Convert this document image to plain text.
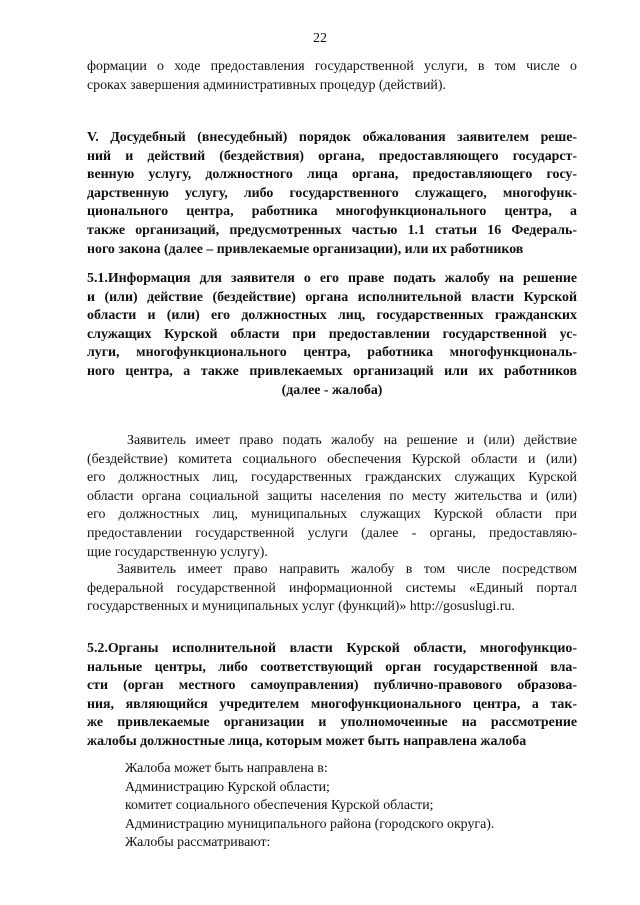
22
формации о ходе предоставления государственной услуги, в том числе о
сроках завершения административных процедур (действий).
V. Досудебный (внесудебный) порядок обжалования заявителем реше-
ний и действий (бездействия) органа, предоставляющего государст-
венную услугу, должностного лица органа, предоставляющего госу-
дарственную услугу, либо государственного служащего, многофунк-
ционального центра, работника многофункционального центра, а
также организаций, предусмотренных частью 1.1 статьи 16 Федераль-
ного закона (далее – привлекаемые организации), или их работников
5.1.Информация для заявителя о его праве подать жалобу на решение
и (или) действие (бездействие) органа исполнительной власти Курской
области и (или) его должностных лиц, государственных гражданских
служащих Курской области при предоставлении государственной ус-
луги, многофункционального центра, работника многофункциональ-
ного центра, а также привлекаемых организаций или их работников
(далее - жалоба)
Заявитель имеет право подать жалобу на решение и (или) действие
(бездействие) комитета социального обеспечения Курской области и (или)
его должностных лиц, государственных гражданских служащих Курской
области органа социальной защиты населения по месту жительства и (или)
его должностных лиц, муниципальных служащих Курской области при
предоставлении государственной услуги (далее - органы, предоставляю-
щие государственную услугу).
Заявитель имеет право направить жалобу в том числе посредством
федеральной государственной информационной системы «Единый портал
государственных и муниципальных услуг (функций)» http://gosuslugi.ru.
5.2.Органы исполнительной власти Курской области, многофункцио-
нальные центры, либо соответствующий орган государственной вла-
сти (орган местного самоуправления) публично-правового образова-
ния, являющийся учредителем многофункционального центра, а так-
же привлекаемые организации и уполномоченные на рассмотрение
жалобы должностные лица, которым может быть направлена жалоба
Жалоба может быть направлена в:
Администрацию Курской области;
комитет социального обеспечения Курской области;
Администрацию муниципального района (городского округа).
Жалобы рассматривают:
